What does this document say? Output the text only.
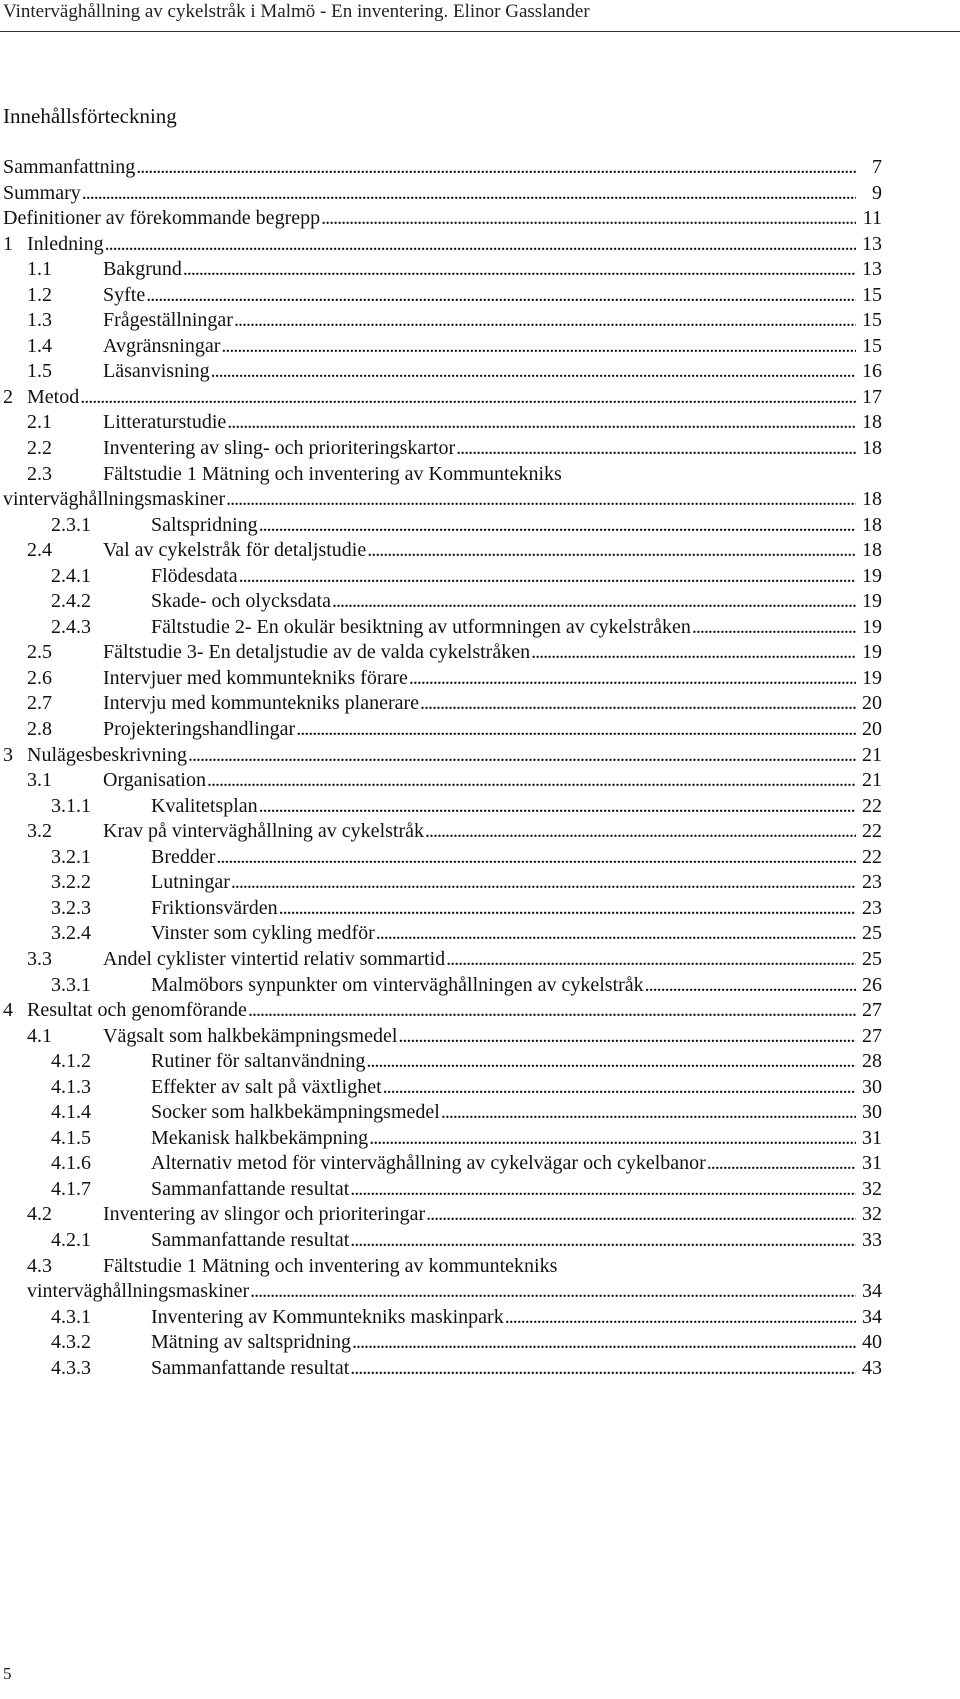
Vinterväghållning av cykelstråk i Malmö - En inventering. Elinor Gasslander
Innehållsförteckning
Sammanfattning . . .	7
Summary . . .	9
Definitioner av förekommande begrepp . . .	11
1 Inledning . . .	13
1.1	Bakgrund . . .	13
1.2	Syfte . . .	15
1.3	Frågeställningar . . .	15
1.4	Avgränsningar . . .	15
1.5	Läsanvisning . . .	16
2 Metod . . .	17
2.1	Litteraturstudie . . .	18
2.2	Inventering av sling- och prioriteringskartor . . .	18
2.3	Fältstudie 1 Mätning och inventering av Kommuntekniks
vinterväghållningsmaskiner . . .	18
2.3.1	Saltspridning . . .	18
2.4	Val av cykelstråk för detaljstudie . . .	18
2.4.1	Flödesdata . . .	19
2.4.2	Skade- och olycksdata . . .	19
2.4.3	Fältstudie 2- En okulär besiktning av utformningen av cykelstråken . . .	19
2.5	Fältstudie 3- En detaljstudie av de valda cykelstråken . . .	19
2.6	Intervjuer med kommuntekniks förare . . .	19
2.7	Intervju med kommuntekniks planerare . . .	20
2.8	Projekteringshandlingar . . .	20
3 Nulägesbeskrivning . . .	21
3.1	Organisation . . .	21
3.1.1	Kvalitetsplan . . .	22
3.2	Krav på vinterväghållning av cykelstråk . . .	22
3.2.1	Bredder . . .	22
3.2.2	Lutningar . . .	23
3.2.3	Friktionsvärden . . .	23
3.2.4	Vinster som cykling medför . . .	25
3.3	Andel cyklister vintertid relativ sommartid . . .	25
3.3.1	Malmöbors synpunkter om vinterväghållningen av cykelstråk . . .	26
4 Resultat och genomförande . . .	27
4.1	Vägsalt som halkbekämpningsmedel . . .	27
4.1.2	Rutiner för saltanvändning . . .	28
4.1.3	Effekter av salt på växtlighet . . .	30
4.1.4	Socker som halkbekämpningsmedel . . .	30
4.1.5	Mekanisk halkbekämpning . . .	31
4.1.6	Alternativ metod för vinterväghållning av cykelvägar och cykelbanor . . .	31
4.1.7	Sammanfattande resultat . . .	32
4.2	Inventering av slingor och prioriteringar . . .	32
4.2.1	Sammanfattande resultat . . .	33
4.3	Fältstudie 1 Mätning och inventering av kommuntekniks
vinterväghållningsmaskiner . . .	34
4.3.1	Inventering av Kommuntekniks maskinpark . . .	34
4.3.2	Mätning av saltspridning . . .	40
4.3.3	Sammanfattande resultat . . .	43
5
